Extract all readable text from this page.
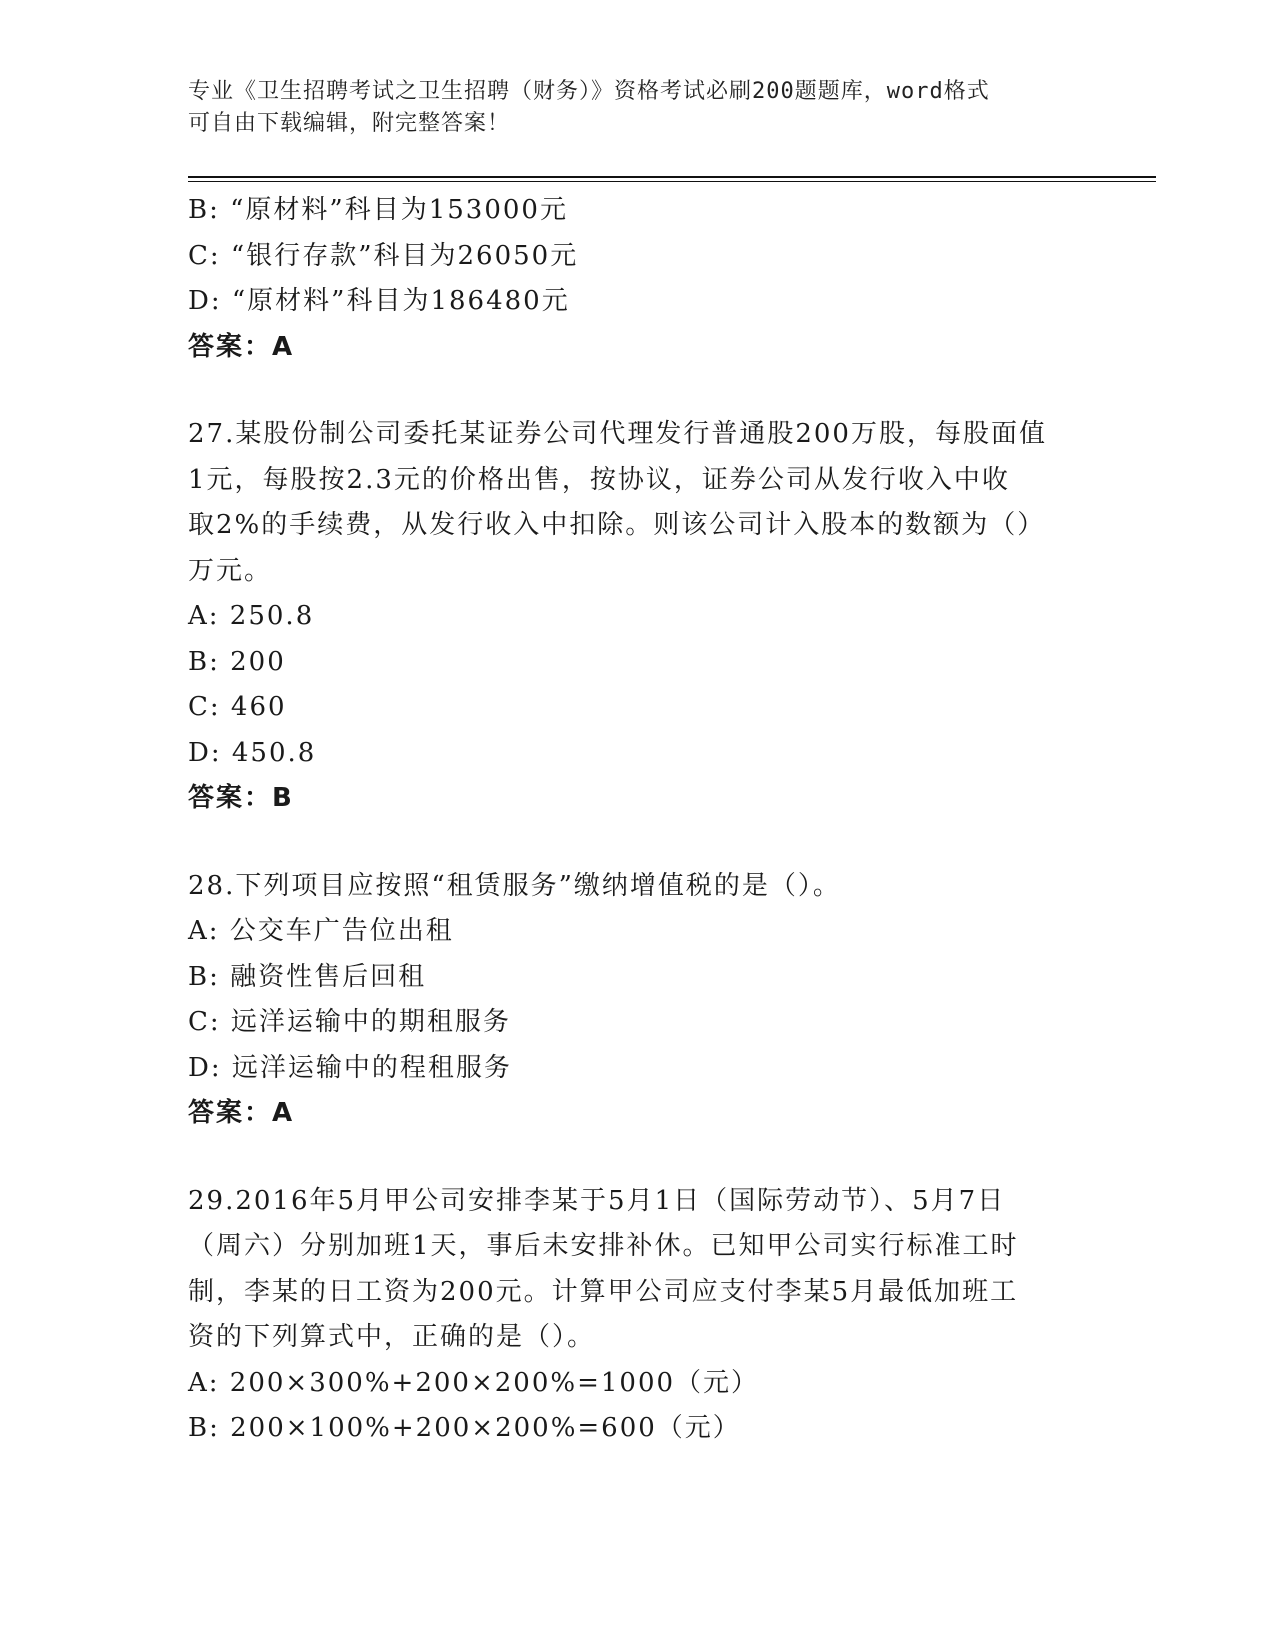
专业《卫生招聘考试之卫生招聘（财务）》资格考试必刷200题题库，word格式
可自由下载编辑，附完整答案！
B: “原材料”科目为153000元
C: “银行存款”科目为26050元
D: “原材料”科目为186480元
答案：A
27.某股份制公司委托某证券公司代理发行普通股200万股，每股面值
1元，每股按2.3元的价格出售，按协议，证券公司从发行收入中收
取2%的手续费，从发行收入中扣除。则该公司计入股本的数额为（）
万元。
A: 250.8
B: 200
C: 460
D: 450.8
答案：B
28.下列项目应按照“租赁服务”缴纳增值税的是（）。
A: 公交车广告位出租
B: 融资性售后回租
C: 远洋运输中的期租服务
D: 远洋运输中的程租服务
答案：A
29.2016年5月甲公司安排李某于5月1日（国际劳动节）、5月7日
（周六）分别加班1天，事后未安排补休。已知甲公司实行标准工时
制，李某的日工资为200元。计算甲公司应支付李某5月最低加班工
资的下列算式中，正确的是（）。
A: 200×300%+200×200%=1000（元）
B: 200×100%+200×200%=600（元）
